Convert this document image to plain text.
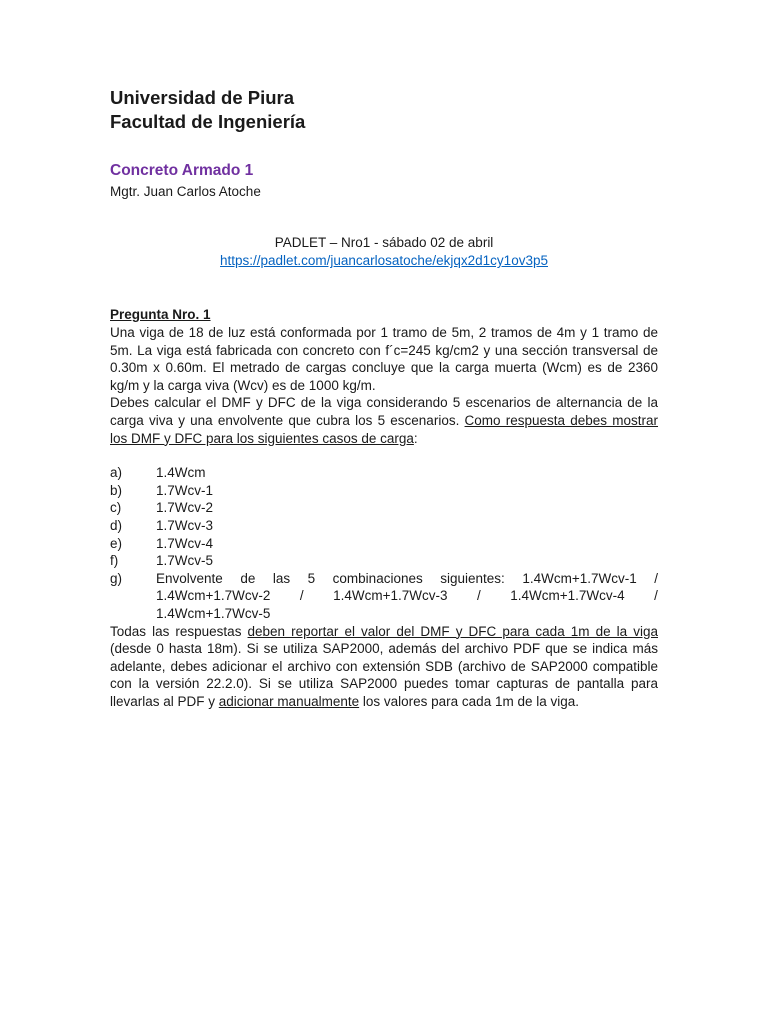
Universidad de Piura

Facultad de Ingeniería

Concreto Armado 1

Mgtr. Juan Carlos Atoche

PADLET – Nro1 - sábado 02 de abril
https://padlet.com/juancarlosatoche/ekjqx2d1cy1ov3p5
Pregunta Nro. 1

Una viga de 18 de luz está conformada por 1 tramo de 5m, 2 tramos de 4m y 1 tramo de 5m. La viga está fabricada con concreto con f´c=245 kg/cm2 y una sección transversal de 0.30m x 0.60m. El metrado de cargas concluye que la carga muerta (Wcm) es de 2360 kg/m y la carga viva (Wcv) es de 1000 kg/m.

Debes calcular el DMF y DFC de la viga considerando 5 escenarios de alternancia de la carga viva y una envolvente que cubra los 5 escenarios. Como respuesta debes mostrar los DMF y DFC para los siguientes casos de carga:

a)	1.4Wcm
b)	1.7Wcv-1
c)	1.7Wcv-2
d)	1.7Wcv-3
e)	1.7Wcv-4
f)	1.7Wcv-5
g)	Envolvente de las 5 combinaciones siguientes: 1.4Wcm+1.7Wcv-1 /
1.4Wcm+1.7Wcv-2 / 1.4Wcm+1.7Wcv-3 / 1.4Wcm+1.7Wcv-4 /
1.4Wcm+1.7Wcv-5

Todas las respuestas deben reportar el valor del DMF y DFC para cada 1m de la viga (desde 0 hasta 18m). Si se utiliza SAP2000, además del archivo PDF que se indica más adelante, debes adicionar el archivo con extensión SDB (archivo de SAP2000 compatible con la versión 22.2.0). Si se utiliza SAP2000 puedes tomar capturas de pantalla para llevarlas al PDF y adicionar manualmente los valores para cada 1m de la viga.
